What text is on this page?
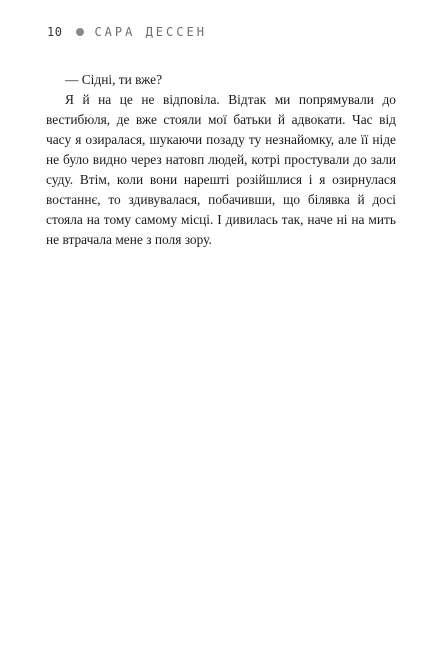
10	САРА ДЕССЕН

— Сідні, ти вже?

Я й на це не відповіла. Відтак ми попрямували до вестибюля, де вже стояли мої батьки й адвокати. Час від часу я озиралася, шукаючи позаду ту незнайомку, але її ніде не було видно через натовп людей, котрі простували до зали суду. Втім, коли вони нарешті розійшлися і я озирнулася востаннє, то здивувалася, побачивши, що білявка й досі стояла на тому самому місці. І дивилась так, наче ні на мить не втрачала мене з поля зору.
